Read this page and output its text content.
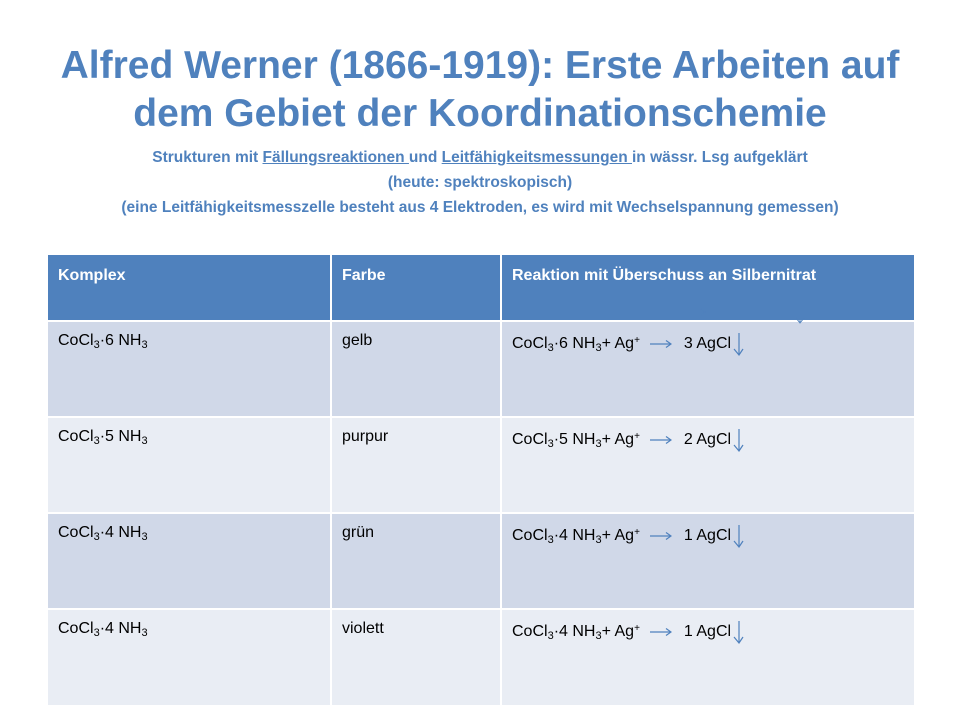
Alfred Werner (1866-1919): Erste Arbeiten auf
dem Gebiet der Koordinationschemie
Strukturen mit Fällungsreaktionen und Leitfähigkeitsmessungen in wässr. Lsg aufgeklärt
(heute: spektroskopisch)
(eine Leitfähigkeitsmesszelle besteht aus 4 Elektroden, es wird mit Wechselspannung gemessen)
Komplex	Farbe	Reaktion mit Überschuss an Silbernitrat
CoCl$_3$·6 $NH_3$	gelb	CoCl$_3$·6 $NH_3+ Ag^+ \to 3$ AgCl
CoCl$_3$·5 $NH_3$	purpur	CoCl$_3$·5 $NH_3+ Ag^+ \to 2$ AgCl
CoCl$_3$·4 $NH_3$	grün	CoCl$_3$·4 $NH_3+ Ag^+ \to 1$ AgCl
CoCl$_3$·4 $NH_3$	violett	CoCl$_3$·4 $NH_3+ Ag^+ \to 1$ AgCl
